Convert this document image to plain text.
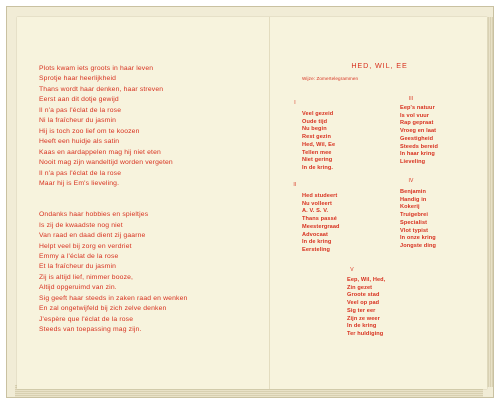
Plots kwam iets groots in haar leven
Sprotje haar heerlijkheid
Thans wordt haar denken, haar streven
Eerst aan dit dotje gewijd
Il n'a pas l'éclat de la rose
Ni la fraîcheur du jasmin
Hij is toch zoo lief om te koozen
Heeft een huidje als satin
Kaas en aardappelen mag hij niet eten
Nooit mag zijn wandeltijd worden vergeten
Il n'a pas l'éclat de la rose
Maar hij is Em's lieveling.
Ondanks haar hobbies en spieltjes
Is zij de kwaadste nog niet
Van raad en daad dient zij gaarne
Helpt veel bij zorg en verdriet
Emmy a l'éclat de la rose
Et la fraîcheur du jasmin
Zij is altijd lief, nimmer booze,
Altijd opgeruimd van zin.
Sig geeft haar steeds in zaken raad en wenken
En zal ongetwijfeld bij zich zelve denken
J'espère que l'éclat de la rose
Steeds van toepassing mag zijn.
HED, WIL, EE
Wijze: Zomertelegrammen
I
Veel gezeid
Oude tijd
Nu begin
Rest gezin
Hed, Wil, Ee
Tellen mee
Niet gering
In de kring.
III
Eep's natuur
Is vol vuur
Rap gepraat
Vroeg en laat
Geestigheid
Steeds bereid
In haar kring
Lieveling
II
Hed studeert
Nu volleert
A. V. S. V.
Thans passé
Meestergraad
Advocaat
In de kring
Eersteling
IV
Benjamin
Handig in
Kokerij
Truigebrei
Specialist
Vlot typist
In onze kring
Jongste ding
V
Eep, Wil, Hed,
Zin gezet
Groote stad
Veel op pad
Sig ter eer
Zijn ze weer
In de kring
Ter huldiging
